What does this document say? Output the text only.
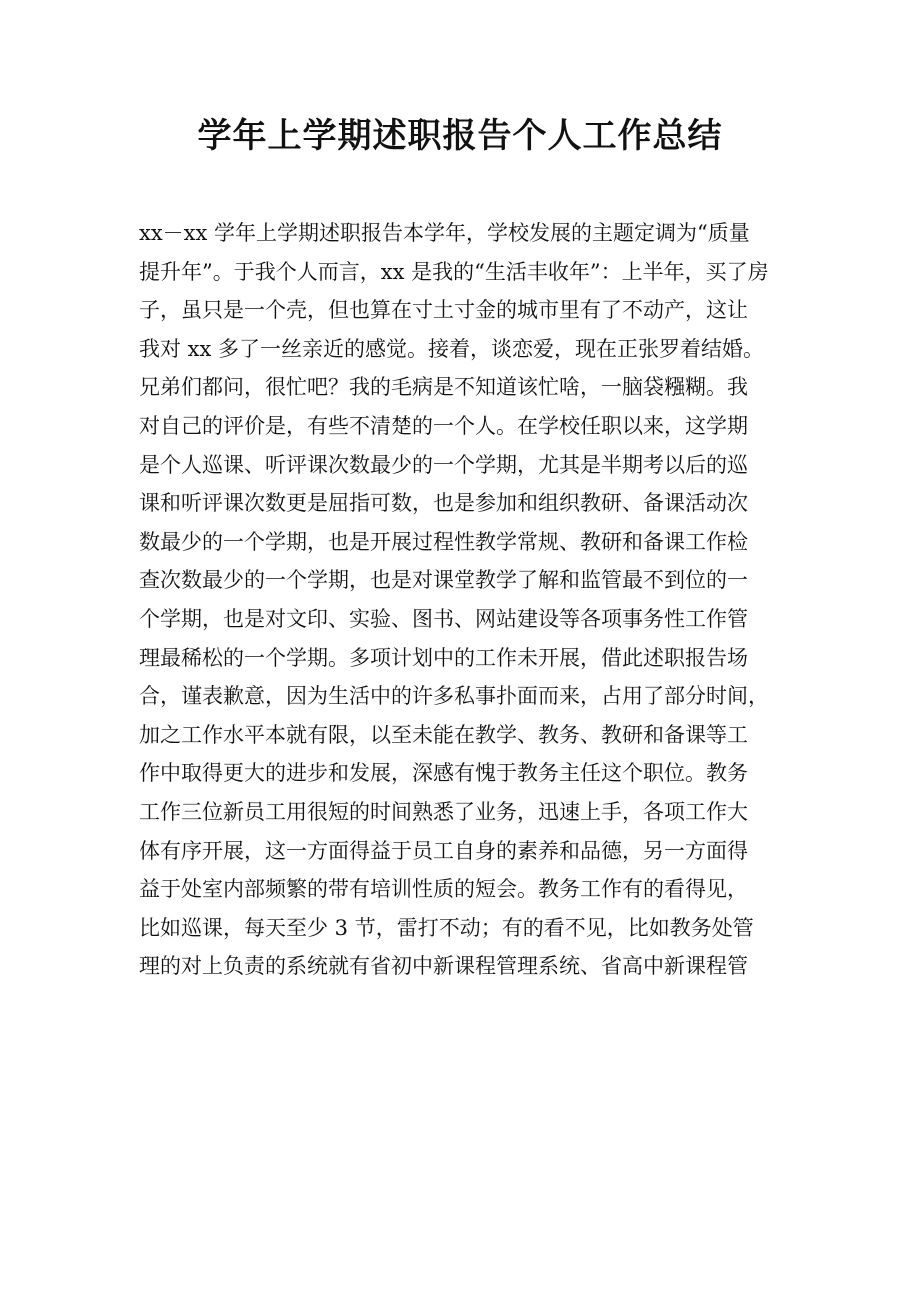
学年上学期述职报告个人工作总结
xx－xx 学年上学期述职报告本学年，学校发展的主题定调为“质量
提升年”。于我个人而言，xx 是我的“生活丰收年”：上半年，买了房
子，虽只是一个壳，但也算在寸土寸金的城市里有了不动产，这让
我对 xx 多了一丝亲近的感觉。接着，谈恋爱，现在正张罗着结婚。
兄弟们都问，很忙吧？我的毛病是不知道该忙啥，一脑袋糨糊。我
对自己的评价是，有些不清楚的一个人。在学校任职以来，这学期
是个人巡课、听评课次数最少的一个学期，尤其是半期考以后的巡
课和听评课次数更是屈指可数，也是参加和组织教研、备课活动次
数最少的一个学期，也是开展过程性教学常规、教研和备课工作检
查次数最少的一个学期，也是对课堂教学了解和监管最不到位的一
个学期，也是对文印、实验、图书、网站建设等各项事务性工作管
理最稀松的一个学期。多项计划中的工作未开展，借此述职报告场
合，谨表歉意，因为生活中的许多私事扑面而来，占用了部分时间，
加之工作水平本就有限，以至未能在教学、教务、教研和备课等工
作中取得更大的进步和发展，深感有愧于教务主任这个职位。教务
工作三位新员工用很短的时间熟悉了业务，迅速上手，各项工作大
体有序开展，这一方面得益于员工自身的素养和品德，另一方面得
益于处室内部频繁的带有培训性质的短会。教务工作有的看得见，
比如巡课，每天至少 3 节，雷打不动；有的看不见，比如教务处管
理的对上负责的系统就有省初中新课程管理系统、省高中新课程管
